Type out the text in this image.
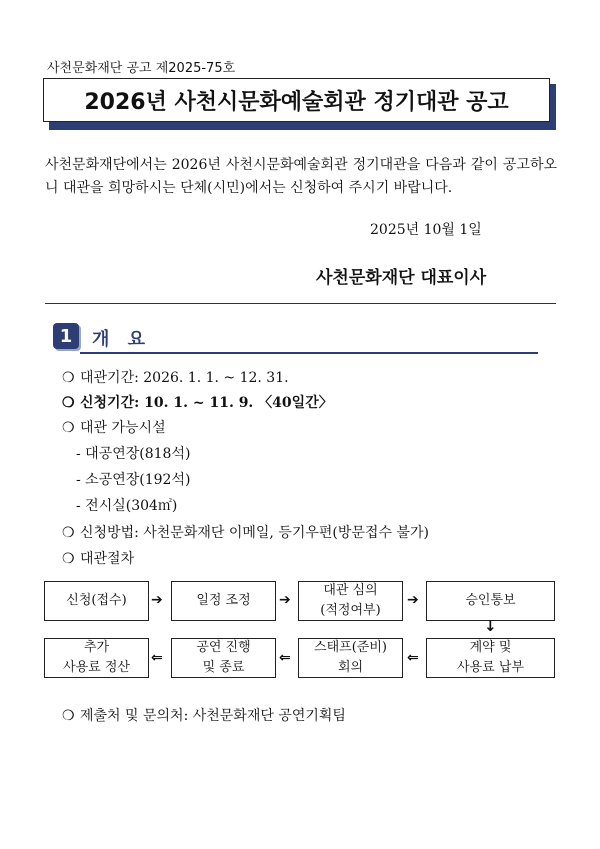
사천문화재단 공고 제2025-75호
2026년 사천시문화예술회관 정기대관 공고
사천문화재단에서는 2026년 사천시문화예술회관 정기대관을 다음과 같이 공고하오니 대관을 희망하시는 단체(시민)에서는 신청하여 주시기 바랍니다.
2025년 10월 1일
사천문화재단 대표이사
1	개 요
❍ 대관기간: 2026. 1. 1. ~ 12. 31.
❍ 신청기간: 10. 1. ~ 11. 9. 〈40일간〉
❍ 대관 가능시설
- 대공연장(818석)
- 소공연장(192석)
- 전시실(304㎡)
❍ 신청방법: 사천문화재단 이메일, 등기우편(방문접수 불가)
❍ 대관절차
신청(접수) ➔	일정 조정 ➔
대관 심의
(적정여부)
➔	승인통보
↓
추가
사용료 정산
⇐
공연 진행
및 종료
⇐
스태프(준비)
회의
⇐
계약 및
사용료 납부
❍ 제출처 및 문의처: 사천문화재단 공연기획팀
